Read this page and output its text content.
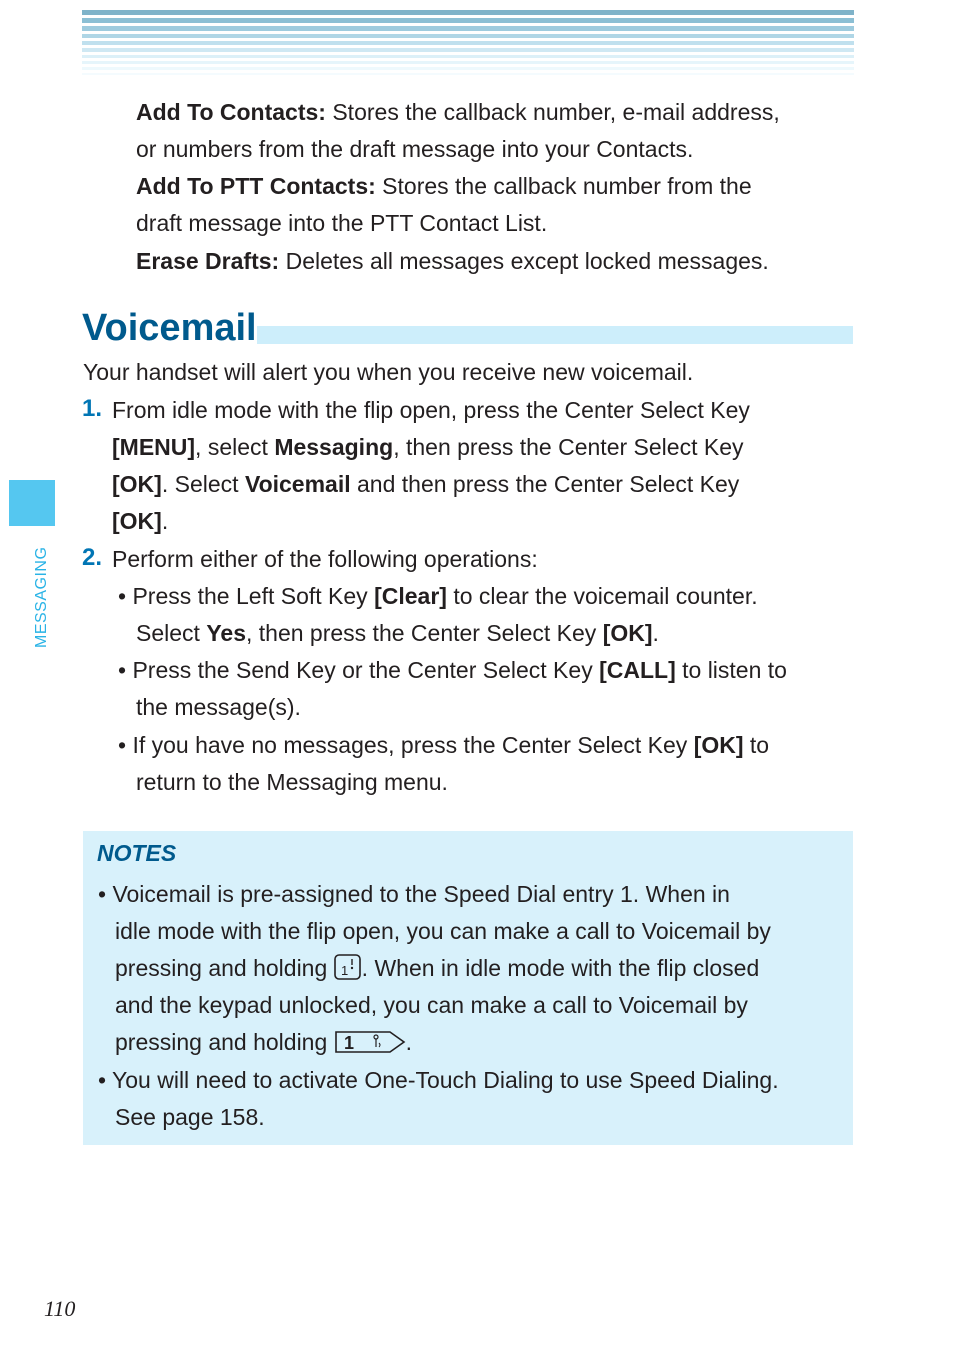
MESSAGING
Add To Contacts: Stores the callback number, e-mail address,
or numbers from the draft message into your Contacts.
Add To PTT Contacts: Stores the callback number from the
draft message into the PTT Contact List.
Erase Drafts: Deletes all messages except locked messages.
Voicemail
Your handset will alert you when you receive new voicemail.
1. From idle mode with the flip open, press the Center Select Key
[MENU], select Messaging, then press the Center Select Key
[OK]. Select Voicemail and then press the Center Select Key
[OK].
2. Perform either of the following operations:
• Press the Left Soft Key [Clear] to clear the voicemail counter.
Select Yes, then press the Center Select Key [OK].
• Press the Send Key or the Center Select Key [CALL] to listen to
the message(s).
• If you have no messages, press the Center Select Key [OK] to
return to the Messaging menu.
NOTES
• Voicemail is pre-assigned to the Speed Dial entry 1. When in
idle mode with the flip open, you can make a call to Voicemail by
pressing and holding 1 . When in idle mode with the flip closed
and the keypad unlocked, you can make a call to Voicemail by
pressing and holding 1 .
• You will need to activate One-Touch Dialing to use Speed Dialing.
See page 158.
110
